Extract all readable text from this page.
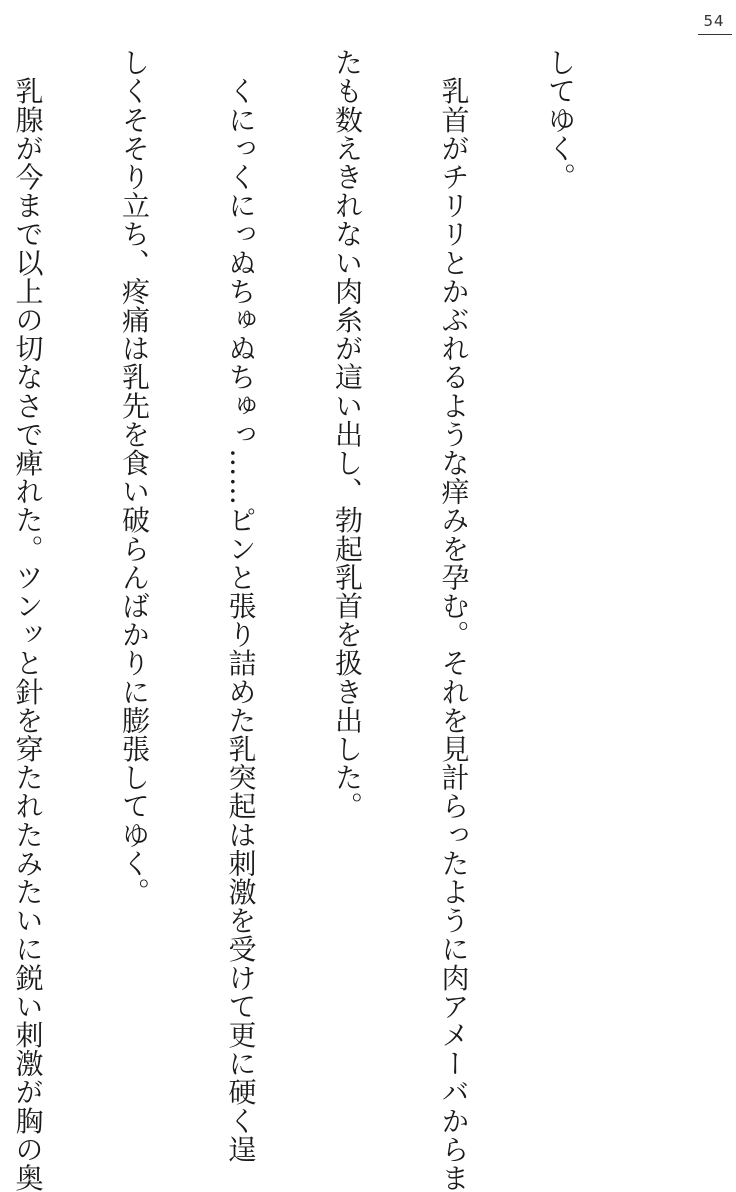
54

してゆく。

　乳首がチリリとかぶれるような痒みを孕む。それを見計らったように肉アメーバからま

たも数えきれない肉糸が這い出し、勃起乳首を扱き出した。

　くにっくにっぬちゅぬちゅっ……ピンと張り詰めた乳突起は刺激を受けて更に硬く逞

しくそそり立ち、疼痛は乳先を食い破らんばかりに膨張してゆく。

　乳腺が今まで以上の切なさで痺れた。ツンッと針を穿たれたみたいに鋭い刺激が胸の奥
